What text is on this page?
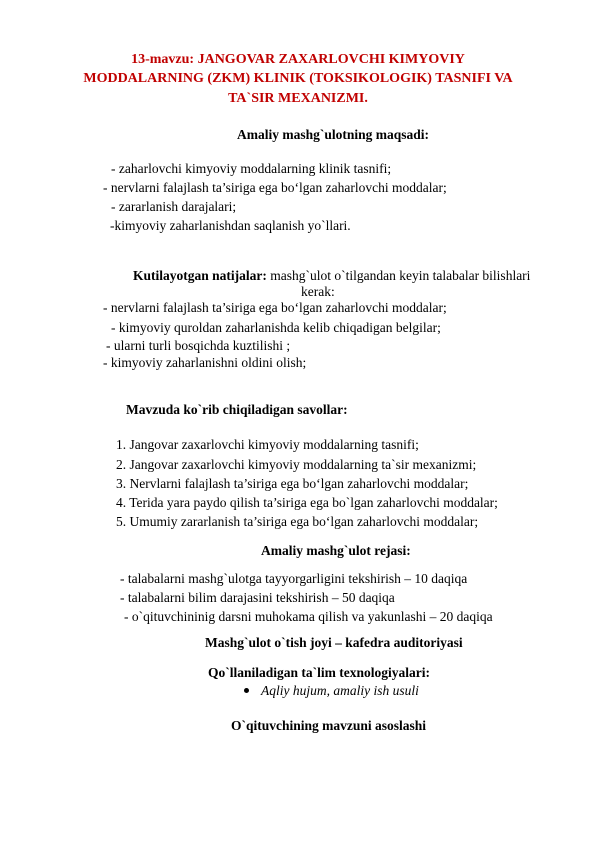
13-mavzu: JANGOVAR ZAXARLOVCHI KIMYOVIY
MODDALARNING (ZKM) KLINIK (TOKSIKOLOGIK) TASNIFI VA
TA`SIR MEXANIZMI.
Amaliy mashg`ulotning maqsadi:
- zaharlovchi kimyoviy moddalarning klinik tasnifi;
- nervlarni falajlash ta’siriga ega bo‘lgan zaharlovchi moddalar;
- zararlanish darajalari;
-kimyoviy zaharlanishdan saqlanish yo`llari.
Kutilayotgan natijalar: mashg`ulot o`tilgandan keyin talabalar bilishlari
kerak:
- nervlarni falajlash ta’siriga ega bo‘lgan zaharlovchi moddalar;
- kimyoviy quroldan zaharlanishda kelib chiqadigan belgilar;
- ularni turli bosqichda kuztilishi ;
- kimyoviy zaharlanishni oldini olish;
Mavzuda ko`rib chiqiladigan savollar:
1. Jangovar zaxarlovchi kimyoviy moddalarning tasnifi;
2. Jangovar zaxarlovchi kimyoviy moddalarning ta`sir mexanizmi;
3. Nervlarni falajlash ta’siriga ega bo‘lgan zaharlovchi moddalar;
4. Terida yara paydo qilish ta’siriga ega bo`lgan zaharlovchi moddalar;
5. Umumiy zararlanish ta’siriga ega bo‘lgan zaharlovchi moddalar;
Amaliy mashg`ulot rejasi:
- talabalarni mashg`ulotga tayyorgarligini tekshirish – 10 daqiqa
- talabalarni bilim darajasini tekshirish – 50 daqiqa
- o`qituvchininig darsni muhokama qilish va yakunlashi – 20 daqiqa
Mashg`ulot o`tish joyi – kafedra auditoriyasi
Qo`llaniladigan ta`lim texnologiyalari:
Aqliy hujum, amaliy ish usuli
O`qituvchining mavzuni asoslashi
